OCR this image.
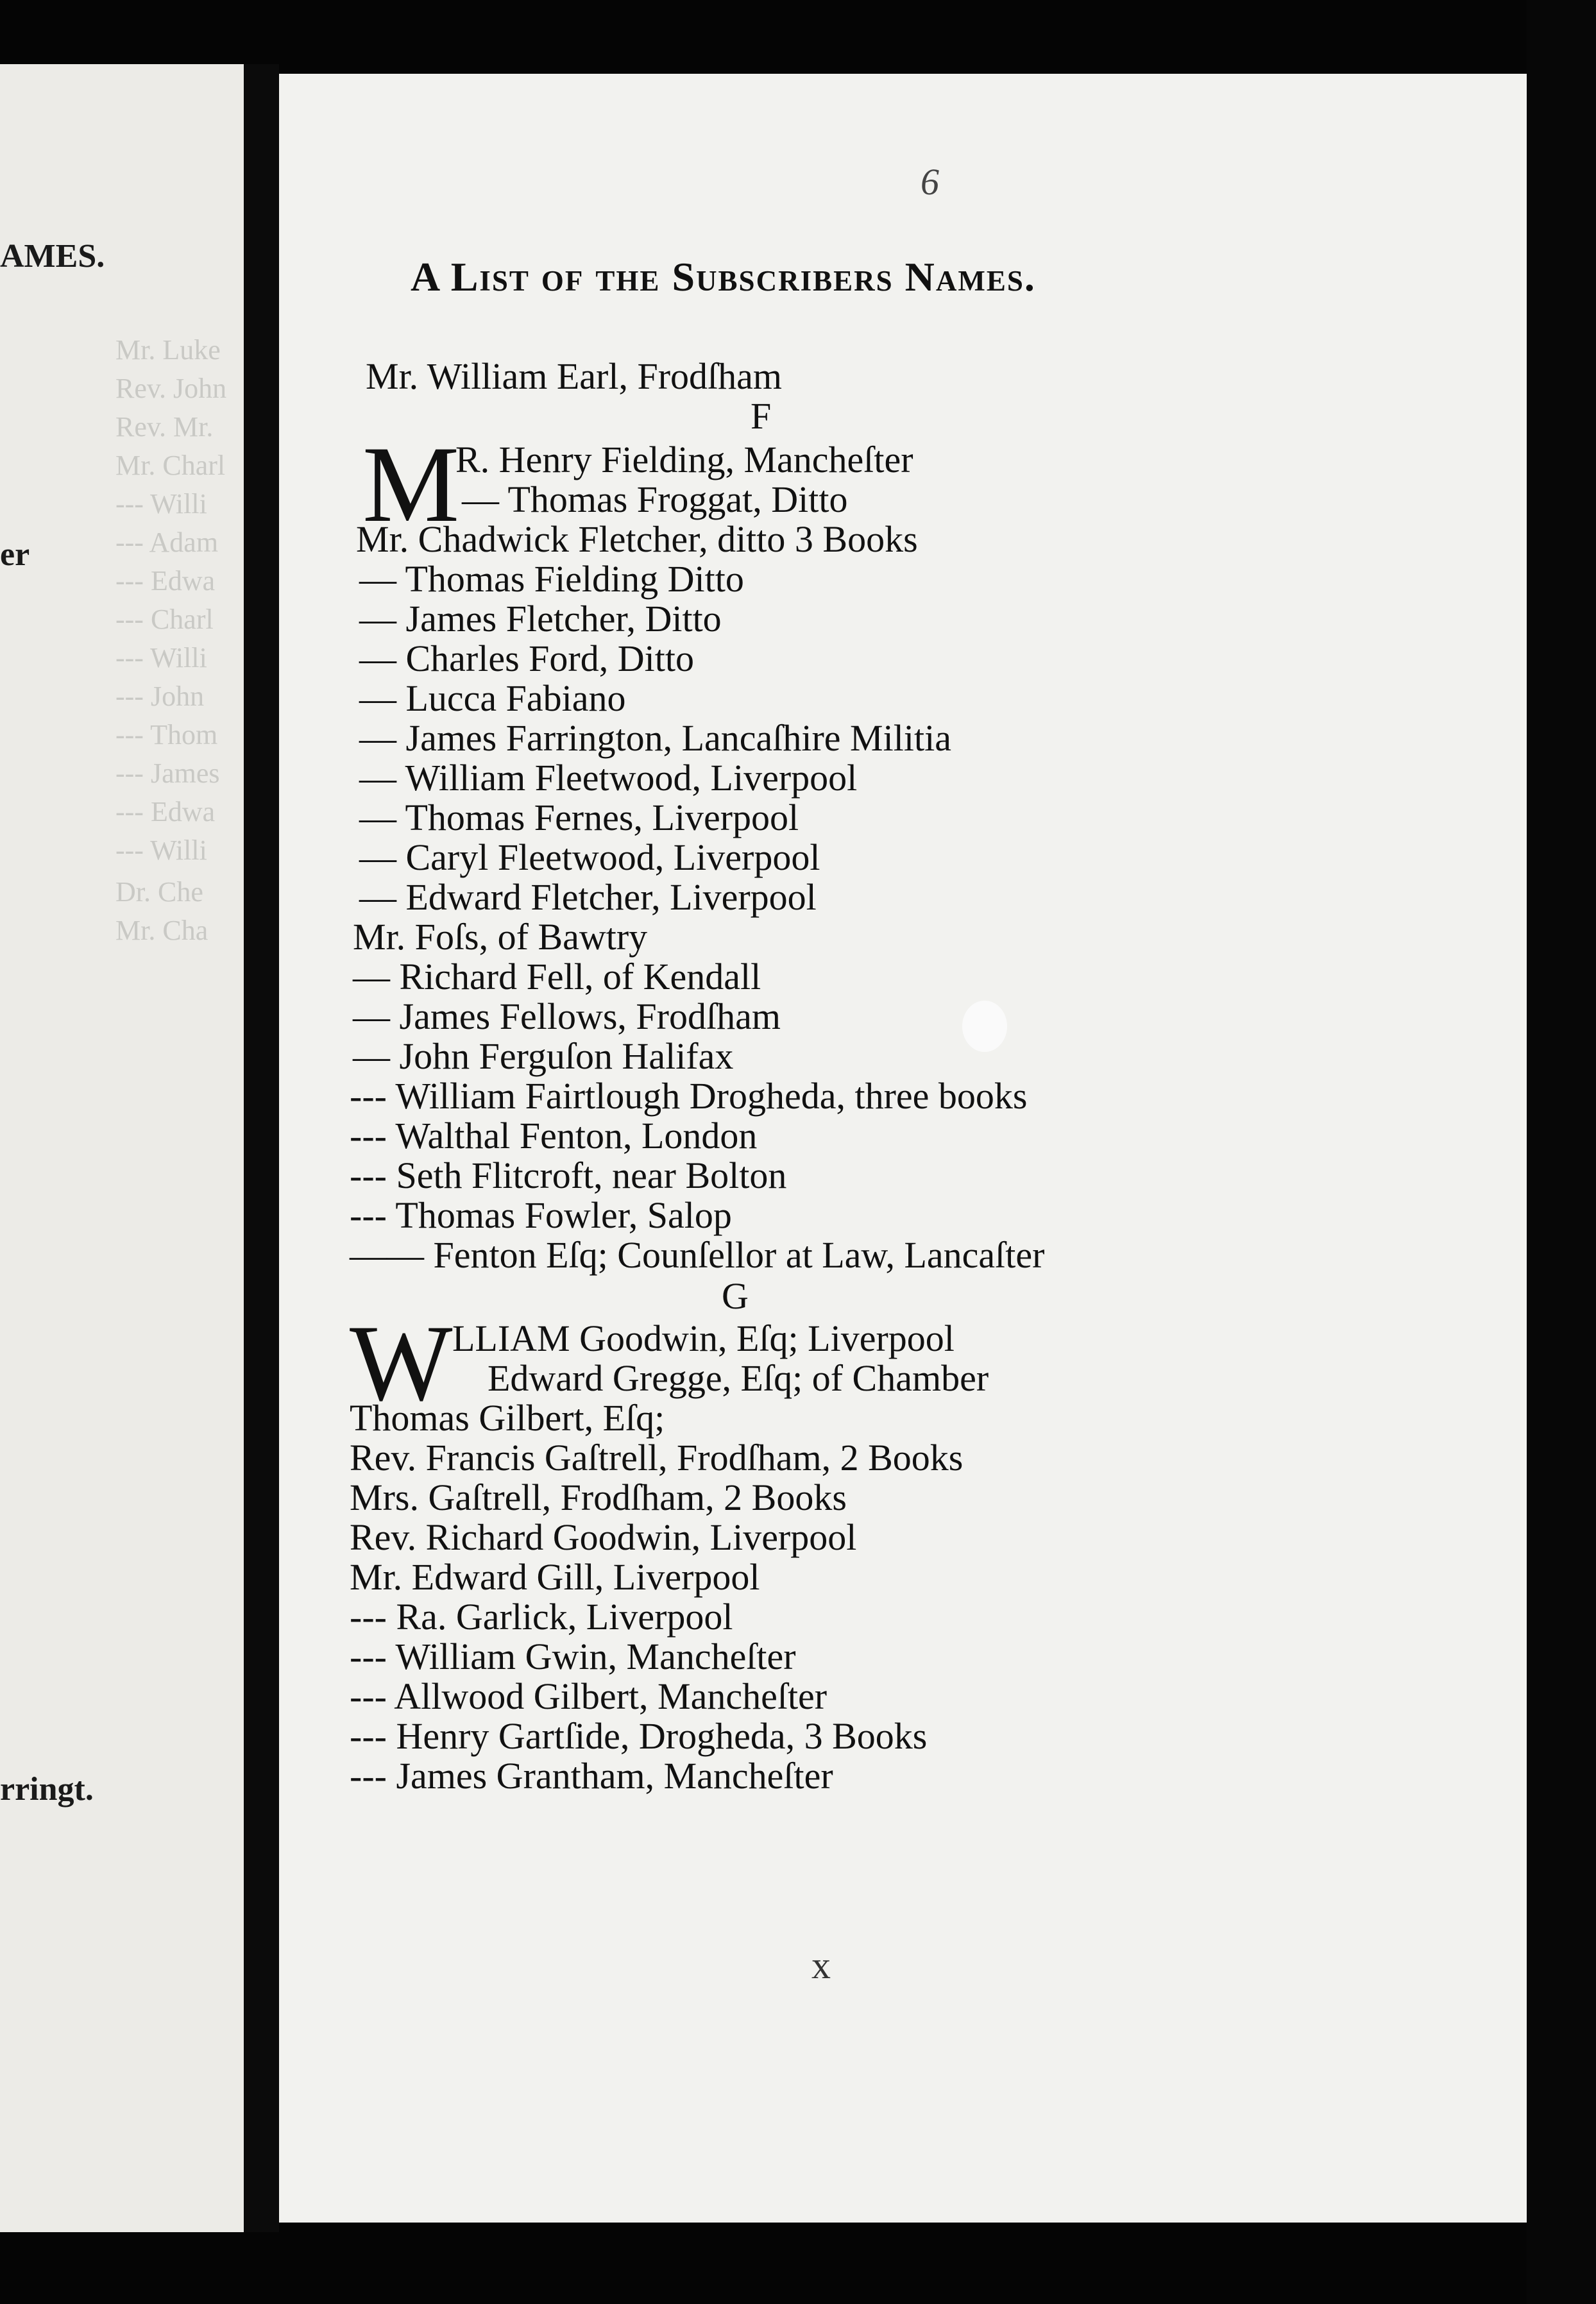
AMES.
er
rringt.
Mr. Luke
Rev. John
Rev. Mr.
Mr. Charl
--- Willi
--- Adam
--- Edwa
--- Charl
--- Willi
--- John
--- Thom
--- James
--- Edwa
--- Willi
Dr. Che
Mr. Cha
6
A List of the Subscribers Names.
Mr. William Earl, Frodſham
F
M
R. Henry Fielding, Mancheſter
— Thomas Froggat, Ditto
Mr. Chadwick Fletcher, ditto 3 Books
— Thomas Fielding Ditto
— James Fletcher, Ditto
— Charles Ford, Ditto
— Lucca Fabiano
— James Farrington, Lancaſhire Militia
— William Fleetwood, Liverpool
— Thomas Fernes, Liverpool
— Caryl Fleetwood, Liverpool
— Edward Fletcher, Liverpool
Mr. Foſs, of Bawtry
— Richard Fell, of Kendall
— James Fellows, Frodſham
— John Ferguſon Halifax
--- William Fairtlough Drogheda, three books
--- Walthal Fenton, London
--- Seth Flitcroft, near Bolton
--- Thomas Fowler, Salop
—— Fenton Eſq; Counſellor at Law, Lancaſter
G
W LLIAM Goodwin, Eſq; Liverpool
Edward Gregge, Eſq; of Chamber
Thomas Gilbert, Eſq;
Rev. Francis Gaſtrell, Frodſham, 2 Books
Mrs. Gaſtrell, Frodſham, 2 Books
Rev. Richard Goodwin, Liverpool
Mr. Edward Gill, Liverpool
--- Ra. Garlick, Liverpool
--- William Gwin, Mancheſter
--- Allwood Gilbert, Mancheſter
--- Henry Gartſide, Drogheda, 3 Books
--- James Grantham, Mancheſter
x
